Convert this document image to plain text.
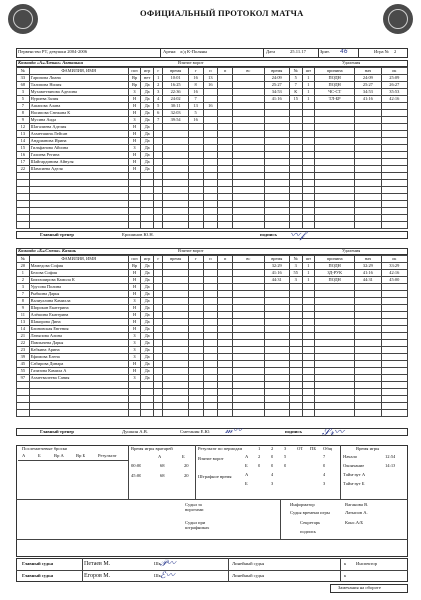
ОФИЦИАЛЬНЫЙ ПРОТОКОЛ МАТЧА
Первенство РТ, девушки 2004-2006	Арена: л/д К-Поляны	Дата	25.11.17	Зрит. 46	Игра № 2
Команда «А»
«Лачын» Актаныш	Взятие ворот	Удаления
№	ФАМИЛИЯ, ИМЯ	поз	игр	г	время	г	п	п	вс	время	№	шт	причина	нач	ок
33	Гарипова Лиана	Вр	нет	1	10:01	16	13			24:09	5	1	ПОДН	24:09	25:09
68	Талипова Нилия	Вр	Да	2	16:25	8	16			25:27	7	1	ПОДН	25:27	26:27
3	Мухаметзянова Аделина	З	Да	3	22:36	16				34:53	К	1	ЧС-СТ	34:53	35:53
5	Нуриева Залия	Н	Да	4	24:02	7				41:16	15	1	ТЛ-БР	41:16	42:16
7	Ашапова Алана	Н	Да	5	30:11	13	16								
8	Насипова Снежана К	Н	Да	6	32:03	5									
9	Мусина Аида	З	Да	7	39:54	16									
12	Шагалиева Аделия	Н	Да												
13	Ахметшина Лейсан	Н	Да												
14	Андрианова Ирина	Н	Да												
15	Гильфанова Айсина	З	Да												
16	Галиева Регина	Н	Да												
17	Шайгардинова Айнуля	Н	Да												
22	Шамсиева Аделя	Н	Да												

Главный тренер	Ерошинов Ю.Н.	подпись 〰𝒻
Команда «Б»
«Смена» Казань	Взятие ворот	Удаления
№	ФАМИЛИЯ, ИМЯ	поз	игр	г	время	г	п	п	вс	время	№	шт	причина	нач	ок
20	Мамедова София	Вр	Да							32:29	3	1	ПОДН	32:29	33:29
1	Белова София	Н	Да							41:16	55	1	ЗД-РУК	41:16	42:16
2	Бикташирова Камила К	Н	Да							44:31	3	1	ПОДН	44:31	45:00
3	Урусова Полина	Н	Да												
7	Рыбкина Дарья	Н	Да												
8	Валиуллина Камилла	З	Да												
9	Широкан Екатерина	Н	Да												
11	Алёшина Екатерина	Н	Да												
13	Шакирова Дина	Н	Да												
14	Блиновская Евгения	Н	Да												
21	Латыпова Алина	З	Да												
22	Павлычева Дарья	З	Да												
23	Кабкина Арина	З	Да												
39	Ефимова Елена	З	Да												
45	Сабирова Динара	Н	Да												
55	Газизова Камила А	Н	Да												
97	Ахметвалеева Сания	З	Да												

Главный тренер	Душкин А.В.	Сметанин Е.Ю. 𝓂〰	подпись 𝒮𝓇〰
Послематчевые броски
А	Б	Вр А	Вр Б	Результат
Время игры вратарей
А	Б
00:00	68	20
45:00	68	20
Результат по периодам	1 2 3 ОТ ПБ Общ
Взятие ворот
Штрафное время
А 2 0 5	7
Б 0 0 0	0
А	4	4
Б	3	3
Время игры
Начало	12:54
Окончание	14:13
Тайм-аут А
Тайм-аут Б
Судьи за воротами
Судьи при штрафниках
Информатор	Ваганова В.
Судья времени игры	Латыпов А.
Секретарь	Конс.А/Б
подпись
Главный судья	Петаев М.	Шк 𝒫〰
Главный судья	Егоров М.	Шк ℰ〰
Линейный судья
Линейный судья
к
к
Инспектор
Замечания на обороте
